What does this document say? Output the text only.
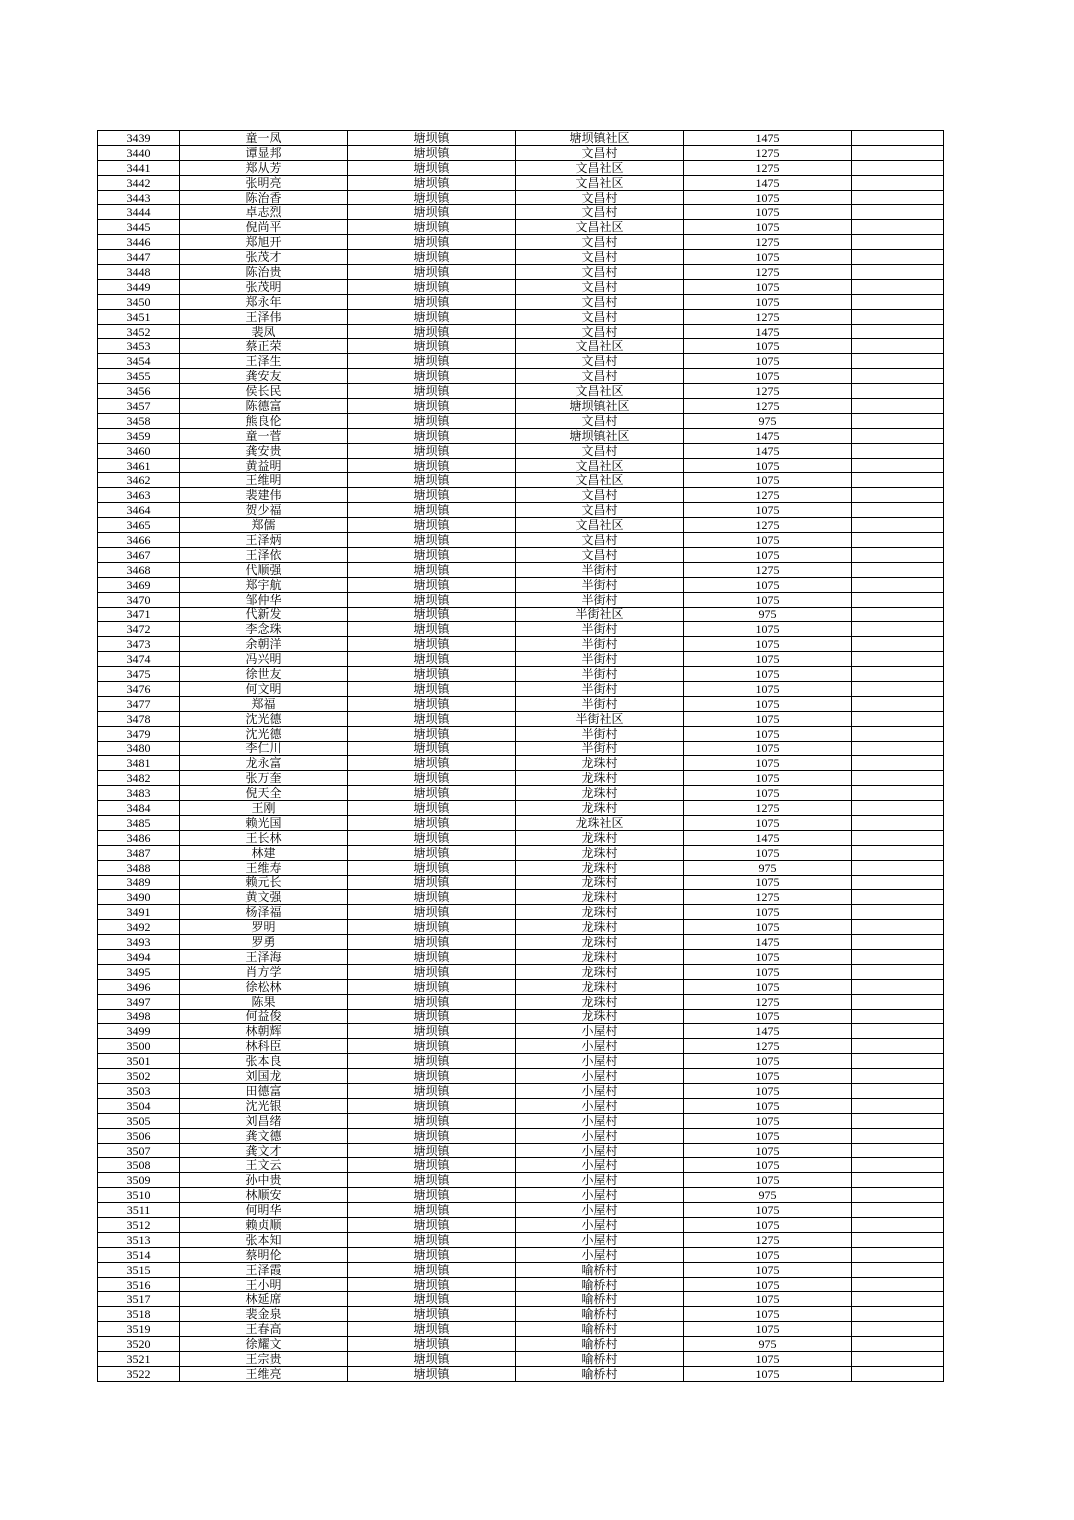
3439	童一凤	塘坝镇	塘坝镇社区	1475	
3440	谭显邦	塘坝镇	文昌村	1275	
3441	郑从芳	塘坝镇	文昌社区	1275	
3442	张明亮	塘坝镇	文昌社区	1475	
3443	陈治香	塘坝镇	文昌村	1075	
3444	卓志烈	塘坝镇	文昌村	1075	
3445	倪尚平	塘坝镇	文昌社区	1075	
3446	郑旭开	塘坝镇	文昌村	1275	
3447	张茂才	塘坝镇	文昌村	1075	
3448	陈治贵	塘坝镇	文昌村	1275	
3449	张茂明	塘坝镇	文昌村	1075	
3450	郑永年	塘坝镇	文昌村	1075	
3451	王泽伟	塘坝镇	文昌村	1275	
3452	裴凤	塘坝镇	文昌村	1475	
3453	蔡正荣	塘坝镇	文昌社区	1075	
3454	王泽生	塘坝镇	文昌村	1075	
3455	龚安友	塘坝镇	文昌村	1075	
3456	侯长民	塘坝镇	文昌社区	1275	
3457	陈德富	塘坝镇	塘坝镇社区	1275	
3458	熊良伦	塘坝镇	文昌村	975	
3459	童一菅	塘坝镇	塘坝镇社区	1475	
3460	龚安贵	塘坝镇	文昌村	1475	
3461	黄益明	塘坝镇	文昌社区	1075	
3462	王维明	塘坝镇	文昌社区	1075	
3463	裴建伟	塘坝镇	文昌村	1275	
3464	贺少福	塘坝镇	文昌村	1075	
3465	郑儒	塘坝镇	文昌社区	1275	
3466	王泽炳	塘坝镇	文昌村	1075	
3467	王泽依	塘坝镇	文昌村	1075	
3468	代顺强	塘坝镇	半街村	1275	
3469	郑宇航	塘坝镇	半街村	1075	
3470	邹仲华	塘坝镇	半街村	1075	
3471	代新发	塘坝镇	半街社区	975	
3472	李念珠	塘坝镇	半街村	1075	
3473	余朝洋	塘坝镇	半街村	1075	
3474	冯兴明	塘坝镇	半街村	1075	
3475	徐世友	塘坝镇	半街村	1075	
3476	何文明	塘坝镇	半街村	1075	
3477	郑福	塘坝镇	半街村	1075	
3478	沈光德	塘坝镇	半街社区	1075	
3479	沈光德	塘坝镇	半街村	1075	
3480	李仁川	塘坝镇	半街村	1075	
3481	龙永富	塘坝镇	龙珠村	1075	
3482	张万奎	塘坝镇	龙珠村	1075	
3483	倪天全	塘坝镇	龙珠村	1075	
3484	王刚	塘坝镇	龙珠村	1275	
3485	赖光国	塘坝镇	龙珠社区	1075	
3486	王长林	塘坝镇	龙珠村	1475	
3487	林建	塘坝镇	龙珠村	1075	
3488	王维寿	塘坝镇	龙珠村	975	
3489	赖元长	塘坝镇	龙珠村	1075	
3490	黄文强	塘坝镇	龙珠村	1275	
3491	杨泽福	塘坝镇	龙珠村	1075	
3492	罗明	塘坝镇	龙珠村	1075	
3493	罗勇	塘坝镇	龙珠村	1475	
3494	王泽海	塘坝镇	龙珠村	1075	
3495	肖方学	塘坝镇	龙珠村	1075	
3496	徐松林	塘坝镇	龙珠村	1075	
3497	陈果	塘坝镇	龙珠村	1275	
3498	何益俊	塘坝镇	龙珠村	1075	
3499	林朝辉	塘坝镇	小屋村	1475	
3500	林科臣	塘坝镇	小屋村	1275	
3501	张本良	塘坝镇	小屋村	1075	
3502	刘国龙	塘坝镇	小屋村	1075	
3503	田德富	塘坝镇	小屋村	1075	
3504	沈光银	塘坝镇	小屋村	1075	
3505	刘昌绪	塘坝镇	小屋村	1075	
3506	龚文德	塘坝镇	小屋村	1075	
3507	龚文才	塘坝镇	小屋村	1075	
3508	王文云	塘坝镇	小屋村	1075	
3509	孙中贵	塘坝镇	小屋村	1075	
3510	林顺安	塘坝镇	小屋村	975	
3511	何明华	塘坝镇	小屋村	1075	
3512	赖贞顺	塘坝镇	小屋村	1075	
3513	张本知	塘坝镇	小屋村	1275	
3514	蔡明伦	塘坝镇	小屋村	1075	
3515	王泽霞	塘坝镇	喻桥村	1075	
3516	王小明	塘坝镇	喻桥村	1075	
3517	林延席	塘坝镇	喻桥村	1075	
3518	裴金泉	塘坝镇	喻桥村	1075	
3519	王春高	塘坝镇	喻桥村	1075	
3520	徐耀文	塘坝镇	喻桥村	975	
3521	王宗贵	塘坝镇	喻桥村	1075	
3522	王维亮	塘坝镇	喻桥村	1075	
